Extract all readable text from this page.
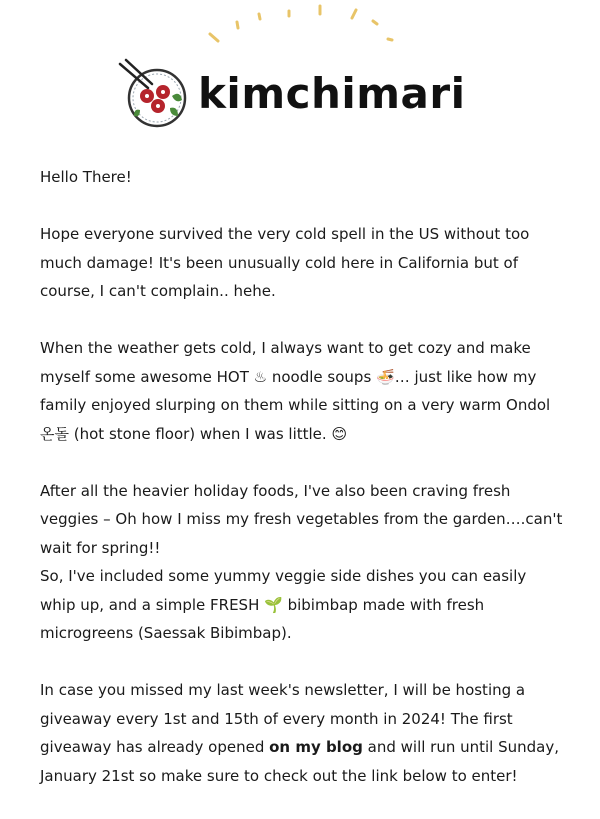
kimchimari

Hello There!

Hope everyone survived the very cold spell in the US without too much damage! It's been unusually cold here in California but of course, I can't complain.. hehe.

When the weather gets cold, I always want to get cozy and make myself some awesome HOT ♨ noodle soups 🍜… just like how my family enjoyed slurping on them while sitting on a very warm Ondol 온돌 (hot stone floor) when I was little. 😊

After all the heavier holiday foods, I've also been craving fresh veggies – Oh how I miss my fresh vegetables from the garden….can't wait for spring!!

So, I've included some yummy veggie side dishes you can easily whip up, and a simple FRESH 🌱 bibimbap made with fresh microgreens (Saessak Bibimbap).

In case you missed my last week's newsletter, I will be hosting a giveaway every 1st and 15th of every month in 2024! The first giveaway has already opened on my blog and will run until Sunday, January 21st so make sure to check out the link below to enter!
